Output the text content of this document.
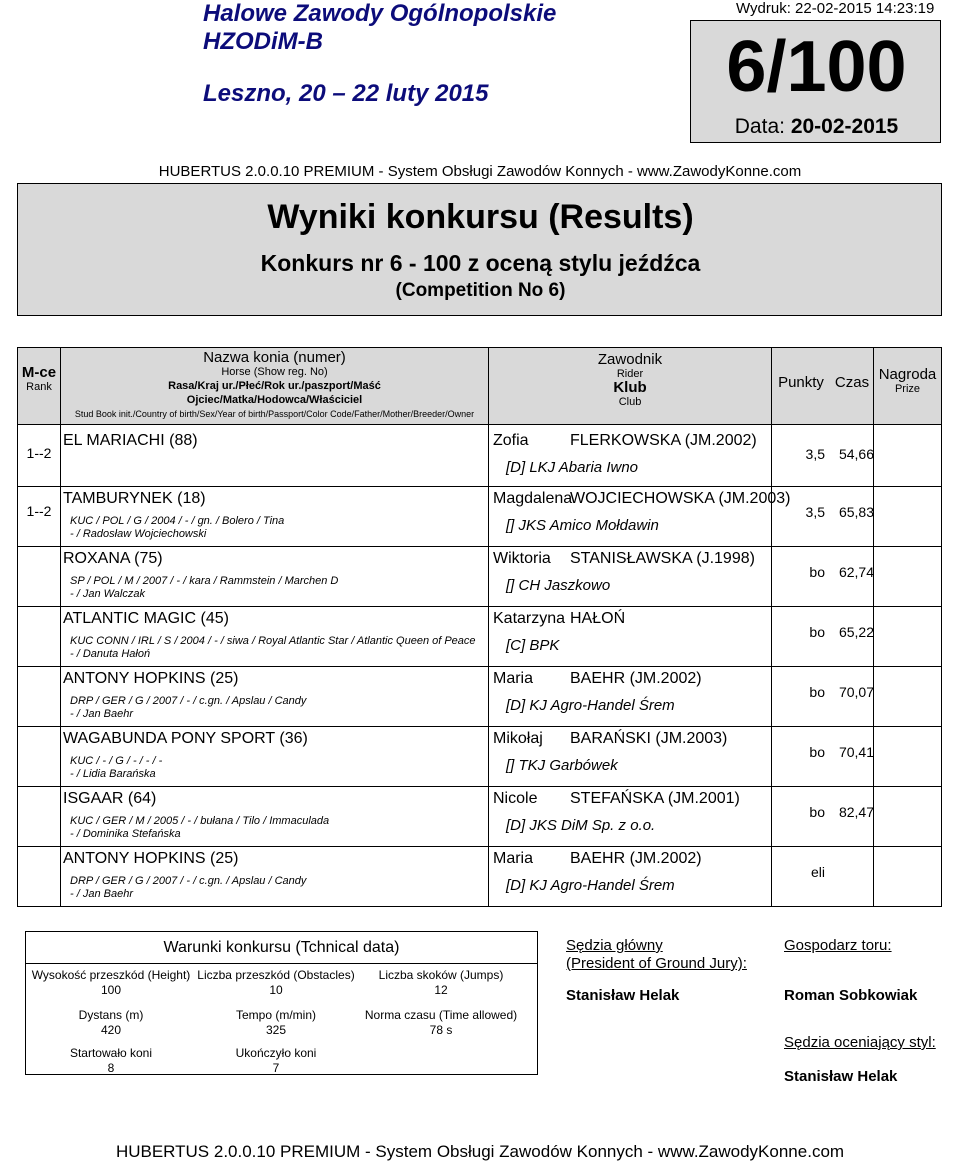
Halowe Zawody Ogólnopolskie HZODiM-B
Leszno, 20 – 22 luty 2015
Wydruk: 22-02-2015 14:23:19
6/100
Data: 20-02-2015
HUBERTUS 2.0.0.10 PREMIUM - System Obsługi Zawodów Konnych - www.ZawodyKonne.com
Wyniki konkursu (Results)
Konkurs nr 6 - 100 z oceną stylu jeźdźca
(Competition No 6)
M-ce
Rank
Nazwa konia (numer)
Horse (Show reg. No)
Rasa/Kraj ur./Płeć/Rok ur./paszport/Maść
Ojciec/Matka/Hodowca/Właściciel
Stud Book init./Country of birth/Sex/Year of birth/Passport/Color Code/Father/Mother/Breeder/Owner
Zawodnik
Rider
Klub
Club
Punkty Czas Nagroda
Prize
1--2
EL MARIACHI (88)	Zofia	FLERKOWSKA (JM.2002)
[D] LKJ Abaria Iwno
3,5 54,66
1--2
TAMBURYNEK (18)
KUC / POL / G / 2004 / - / gn. / Bolero / Tina
- / Radosław Wojciechowski
Magdalena
WOJCIECHOWSKA (JM.2003)
[] JKS Amico Mołdawin
3,5 65,83
ROXANA (75)
SP / POL / M / 2007 / - / kara / Rammstein / Marchen D
- / Jan Walczak
Wiktoria STANISŁAWSKA (J.1998)
[] CH Jaszkowo
bo 62,74
ATLANTIC MAGIC (45)
KUC CONN / IRL / S / 2004 / - / siwa / Royal Atlantic Star / Atlantic Queen of Peace
- / Danuta Hałoń
Katarzyna HAŁOŃ
[C] BPK
bo 65,22
ANTONY HOPKINS (25)
DRP / GER / G / 2007 / - / c.gn. / Apslau / Candy
- / Jan Baehr
Maria BAEHR (JM.2002)
[D] KJ Agro-Handel Śrem
bo 70,07
WAGABUNDA PONY SPORT (36)
KUC / - / G / - / - / -
- / Lidia Barańska
Mikołaj BARAŃSKI (JM.2003)
[] TKJ Garbówek
bo 70,41
ISGAAR (64)
KUC / GER / M / 2005 / - / bułana / Tilo / Immaculada
- / Dominika Stefańska
Nicole STEFAŃSKA (JM.2001)
[D] JKS DiM Sp. z o.o.
bo 82,47
ANTONY HOPKINS (25)
DRP / GER / G / 2007 / - / c.gn. / Apslau / Candy
- / Jan Baehr
Maria BAEHR (JM.2002)
[D] KJ Agro-Handel Śrem
eli
Warunki konkursu (Tchnical data)
Wysokość przeszkód (Height)
100
Liczba przeszkód (Obstacles)
10
Liczba skoków (Jumps)
12
Dystans (m)
420
Tempo (m/min)
325
Norma czasu (Time allowed)
78 s
Startowało koni
8
Ukończyło koni
7
Sędzia główny
(President of Ground Jury):
Stanisław Helak
Gospodarz toru:
Roman Sobkowiak
Sędzia oceniający styl:
Stanisław Helak
HUBERTUS 2.0.0.10 PREMIUM - System Obsługi Zawodów Konnych - www.ZawodyKonne.com
